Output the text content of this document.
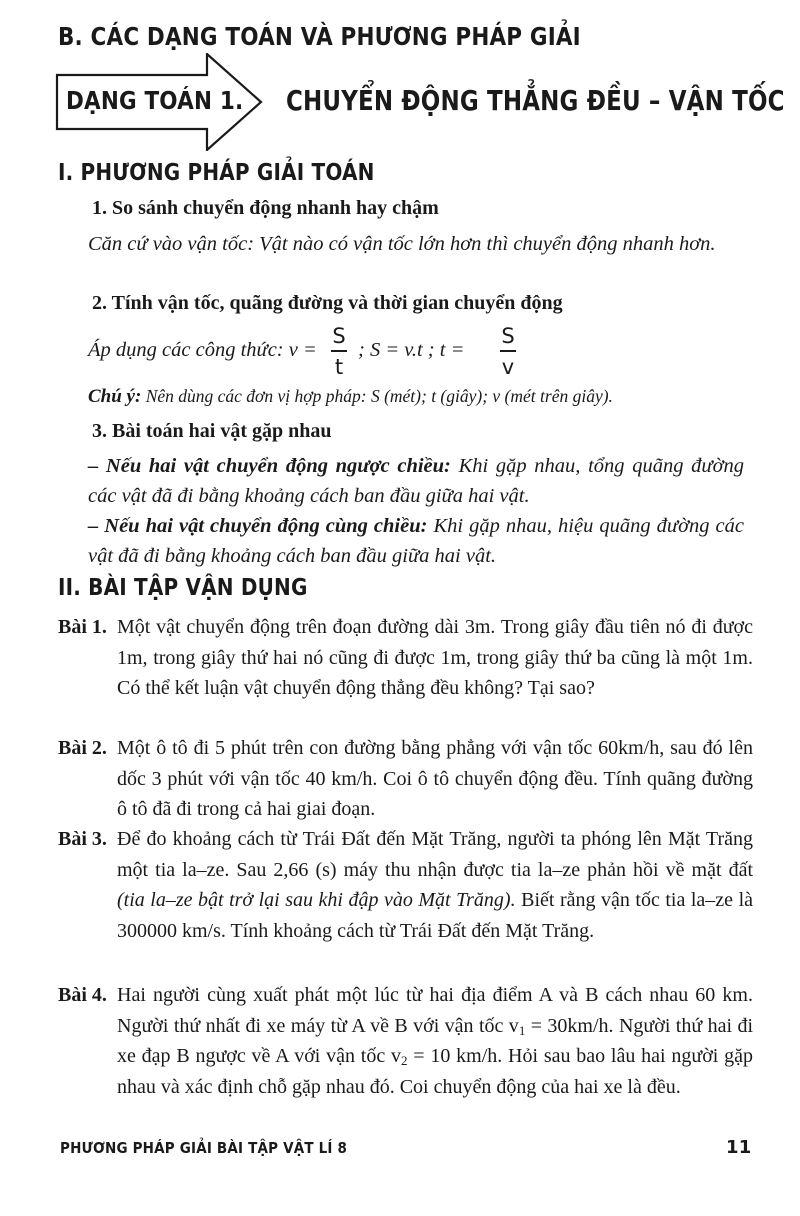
B. CÁC DẠNG TOÁN VÀ PHƯƠNG PHÁP GIẢI
DẠNG TOÁN 1. CHUYỂN ĐỘNG THẲNG ĐỀU – VẬN TỐC
I. PHƯƠNG PHÁP GIẢI TOÁN
1. So sánh chuyển động nhanh hay chậm
Căn cứ vào vận tốc: Vật nào có vận tốc lớn hơn thì chuyển động nhanh hơn.
2. Tính vận tốc, quãng đường và thời gian chuyển động
Áp dụng các công thức: v =
S
t
; S = v.t ; t =
S
v
Chú ý: Nên dùng các đơn vị hợp pháp: S (mét); t (giây); v (mét trên giây).
3. Bài toán hai vật gặp nhau
– Nếu hai vật chuyển động ngược chiều: Khi gặp nhau, tổng quãng đường các vật đã đi bằng khoảng cách ban đầu giữa hai vật.
– Nếu hai vật chuyển động cùng chiều: Khi gặp nhau, hiệu quãng đường các vật đã đi bằng khoảng cách ban đầu giữa hai vật.
II. BÀI TẬP VẬN DỤNG
Bài 1. Một vật chuyển động trên đoạn đường dài 3m. Trong giây đầu tiên nó đi được 1m, trong giây thứ hai nó cũng đi được 1m, trong giây thứ ba cũng là một 1m. Có thể kết luận vật chuyển động thẳng đều không? Tại sao?
Bài 2. Một ô tô đi 5 phút trên con đường bằng phẳng với vận tốc 60km/h, sau đó lên dốc 3 phút với vận tốc 40 km/h. Coi ô tô chuyển động đều. Tính quãng đường ô tô đã đi trong cả hai giai đoạn.
Bài 3. Để đo khoảng cách từ Trái Đất đến Mặt Trăng, người ta phóng lên Mặt Trăng một tia la–ze. Sau 2,66 (s) máy thu nhận được tia la–ze phản hồi về mặt đất (tia la–ze bật trở lại sau khi đập vào Mặt Trăng). Biết rằng vận tốc tia la–ze là 300000 km/s. Tính khoảng cách từ Trái Đất đến Mặt Trăng.
Bài 4. Hai người cùng xuất phát một lúc từ hai địa điểm A và B cách nhau 60 km. Người thứ nhất đi xe máy từ A về B với vận tốc $v_1 = 30km/h$. Người thứ hai đi xe đạp B ngược về A với vận tốc $v_2 = 10$ km/h. Hỏi sau bao lâu hai người gặp nhau và xác định chỗ gặp nhau đó. Coi chuyển động của hai xe là đều.
PHƯƠNG PHÁP GIẢI BÀI TẬP VẬT LÍ 8	11
